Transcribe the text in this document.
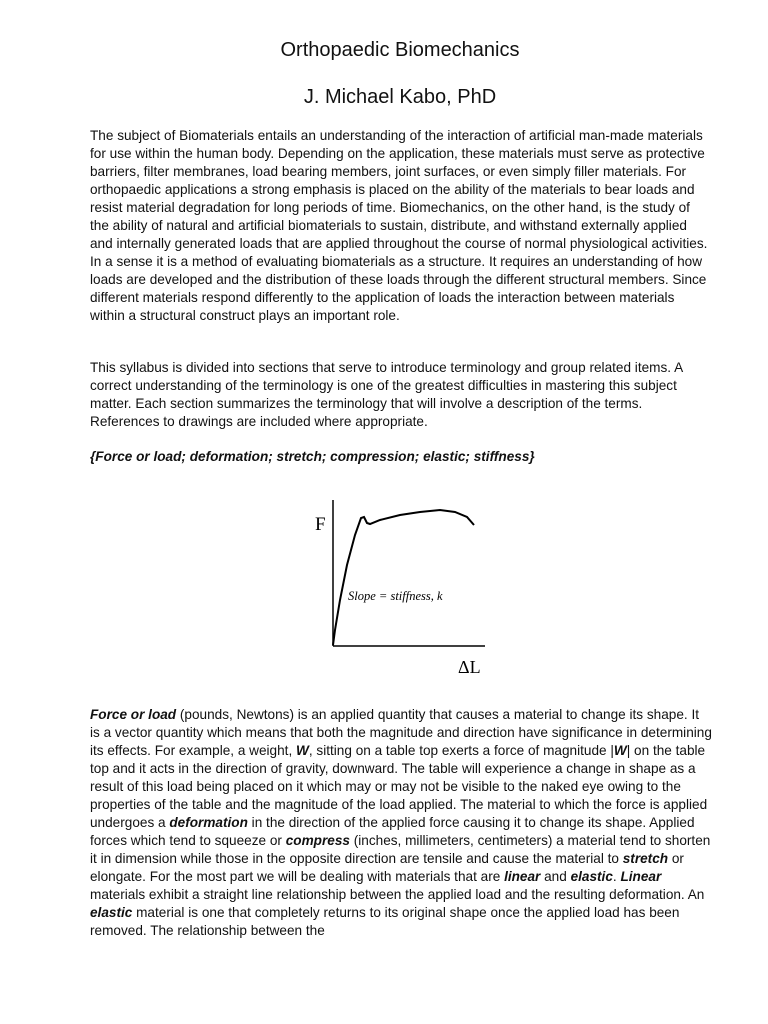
Orthopaedic Biomechanics
J. Michael Kabo, PhD

The subject of Biomaterials entails an understanding of the interaction of artificial man-made materials for use within the human body. Depending on the application, these materials must serve as protective barriers, filter membranes, load bearing members, joint surfaces, or even simply filler materials. For orthopaedic applications a strong emphasis is placed on the ability of the materials to bear loads and resist material degradation for long periods of time. Biomechanics, on the other hand, is the study of the ability of natural and artificial biomaterials to sustain, distribute, and withstand externally applied and internally generated loads that are applied throughout the course of normal physiological activities. In a sense it is a method of evaluating biomaterials as a structure. It requires an understanding of how loads are developed and the distribution of these loads through the different structural members. Since different materials respond differently to the application of loads the interaction between materials within a structural construct plays an important role.

This syllabus is divided into sections that serve to introduce terminology and group related items. A correct understanding of the terminology is one of the greatest difficulties in mastering this subject matter. Each section summarizes the terminology that will involve a description of the terms. References to drawings are included where appropriate.

{Force or load; deformation; stretch; compression; elastic; stiffness}

F
ΔL
Slope = stiffness, k

Force or load (pounds, Newtons) is an applied quantity that causes a material to change its shape. It is a vector quantity which means that both the magnitude and direction have significance in determining its effects. For example, a weight, W, sitting on a table top exerts a force of magnitude |W| on the table top and it acts in the direction of gravity, downward. The table will experience a change in shape as a result of this load being placed on it which may or may not be visible to the naked eye owing to the properties of the table and the magnitude of the load applied. The material to which the force is applied undergoes a deformation in the direction of the applied force causing it to change its shape. Applied forces which tend to squeeze or compress (inches, millimeters, centimeters) a material tend to shorten it in dimension while those in the opposite direction are tensile and cause the material to stretch or elongate. For the most part we will be dealing with materials that are linear and elastic. Linear materials exhibit a straight line relationship between the applied load and the resulting deformation. An elastic material is one that completely returns to its original shape once the applied load has been removed. The relationship between the
